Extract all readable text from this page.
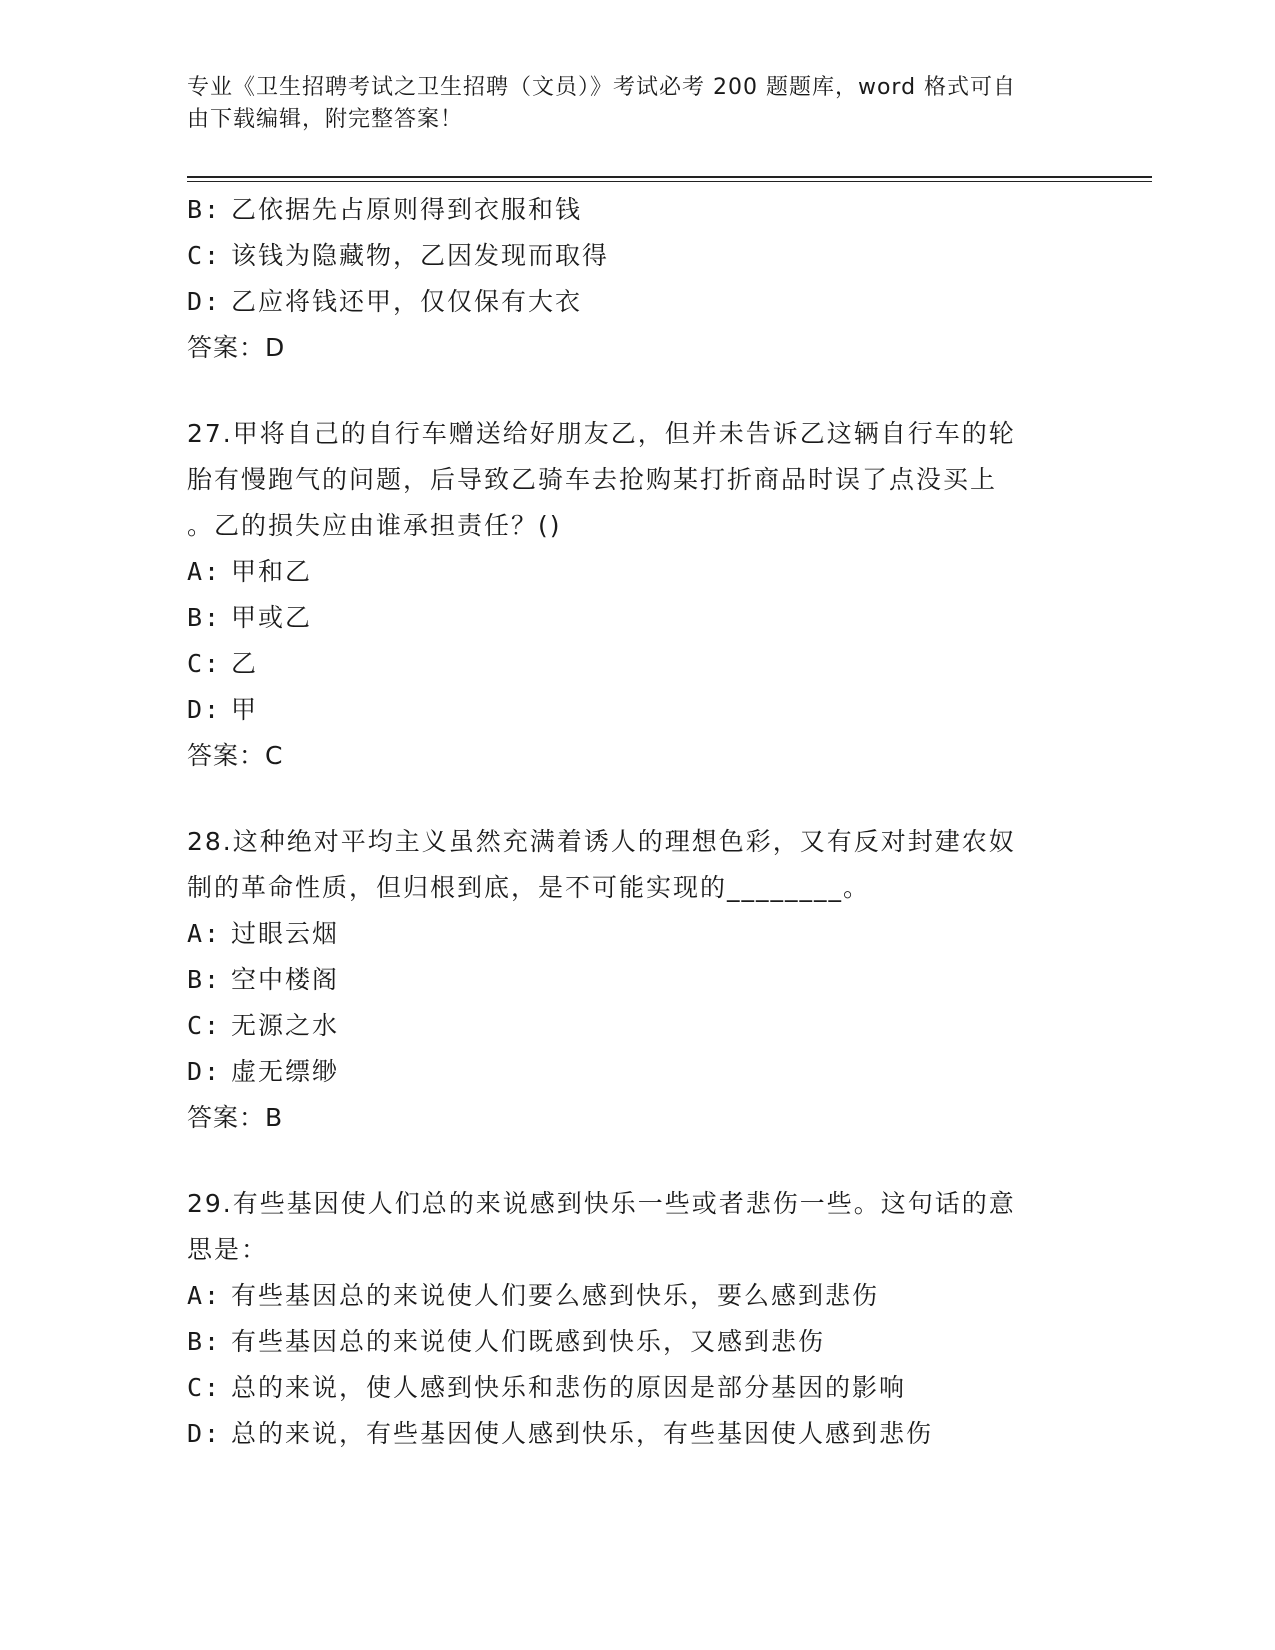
专业《卫生招聘考试之卫生招聘（文员）》考试必考 200 题题库，word 格式可自
由下载编辑，附完整答案！
B: 乙依据先占原则得到衣服和钱
C: 该钱为隐藏物，乙因发现而取得
D: 乙应将钱还甲，仅仅保有大衣
答案：D
27.甲将自己的自行车赠送给好朋友乙，但并未告诉乙这辆自行车的轮
胎有慢跑气的问题，后导致乙骑车去抢购某打折商品时误了点没买上
。乙的损失应由谁承担责任？()
A: 甲和乙
B: 甲或乙
C: 乙
D: 甲
答案：C
28.这种绝对平均主义虽然充满着诱人的理想色彩，又有反对封建农奴
制的革命性质，但归根到底，是不可能实现的________。
A: 过眼云烟
B: 空中楼阁
C: 无源之水
D: 虚无缥缈
答案：B
29.有些基因使人们总的来说感到快乐一些或者悲伤一些。这句话的意
思是：
A: 有些基因总的来说使人们要么感到快乐，要么感到悲伤
B: 有些基因总的来说使人们既感到快乐，又感到悲伤
C: 总的来说，使人感到快乐和悲伤的原因是部分基因的影响
D: 总的来说，有些基因使人感到快乐，有些基因使人感到悲伤
